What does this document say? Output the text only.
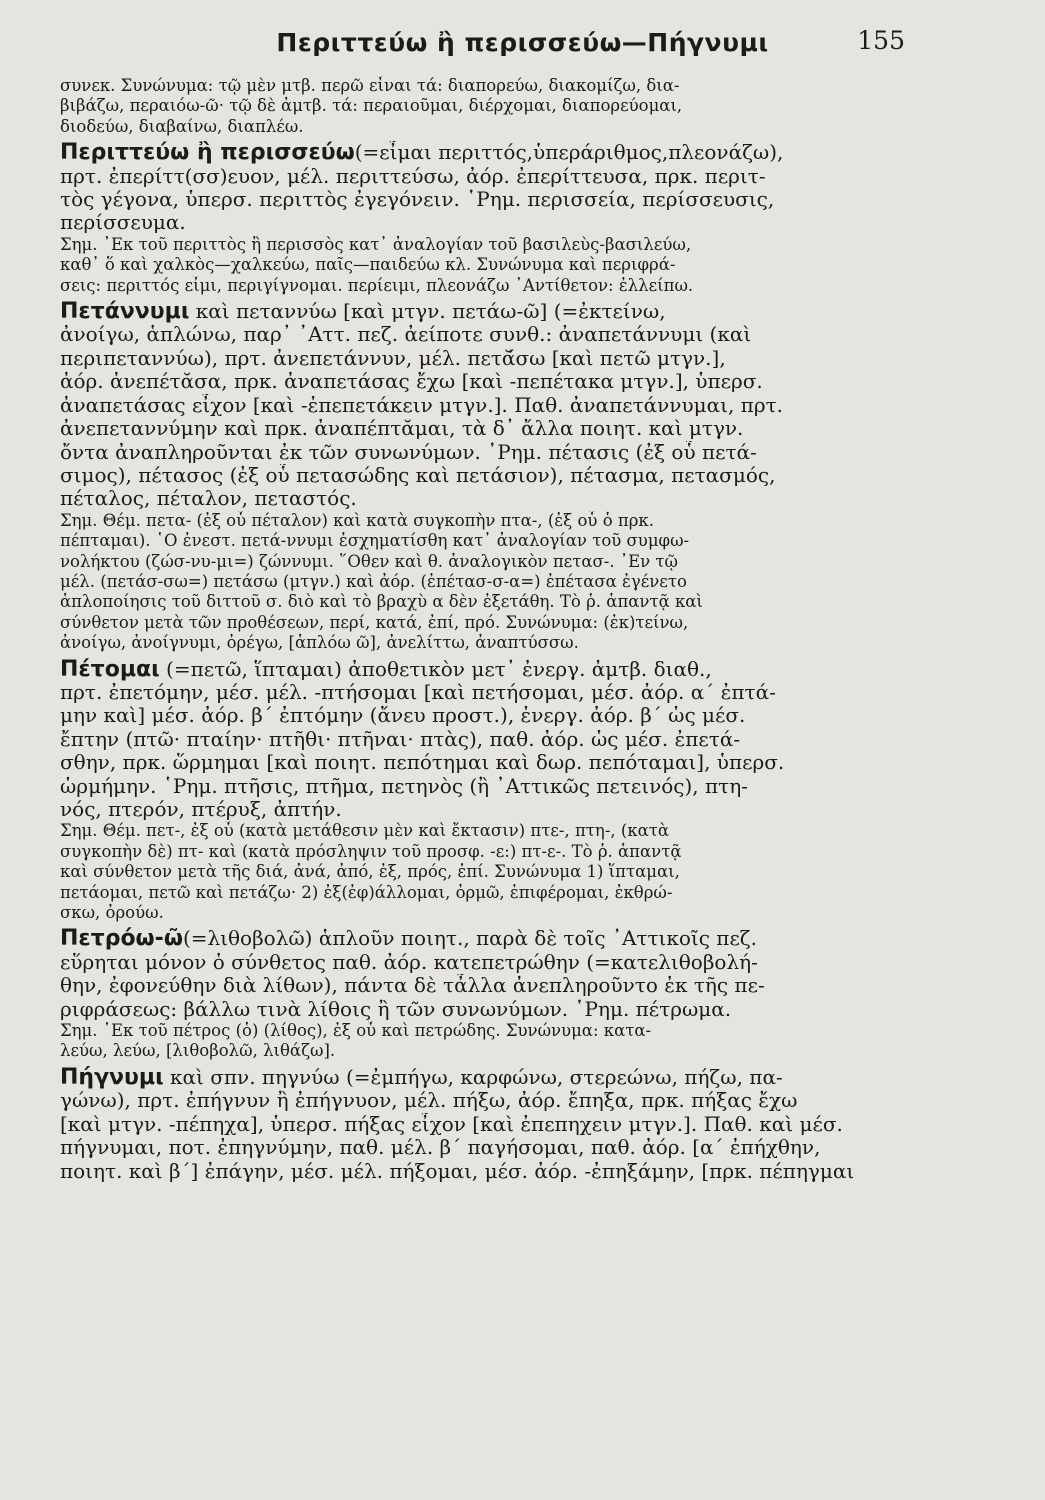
Περιττεύω ἢ περισσεύω—Πήγνυμι	155
συνεκ. Συνώνυμα: τῷ μὲν μτβ. περῶ εἶναι τά: διαπορεύω, διακομίζω, δια-
βιβάζω, περαιόω-ῶ· τῷ δὲ ἀμτβ. τά: περαιοῦμαι, διέρχομαι, διαπορεύομαι,
διοδεύω, διαβαίνω, διαπλέω.
Περιττεύω ἢ περισσεύω(=εἶμαι περιττός,ὑπεράριθμος,πλεονάζω),
πρτ. ἐπερίττ(σσ)ευον, μέλ. περιττεύσω, ἀόρ. ἐπερίττευσα, πρκ. περιτ-
τὸς γέγονα, ὑπερσ. περιττὸς ἐγεγόνειν. ῾Ρημ. περισσεία, περίσσευσις,
περίσσευμα.
Σημ. ᾿Εκ τοῦ περιττὸς ἢ περισσὸς κατ᾿ ἀναλογίαν τοῦ βασιλεὺς-βασιλεύω,
καθ᾿ ὅ καὶ χαλκὸς—χαλκεύω, παῖς—παιδεύω κλ. Συνώνυμα καὶ περιφρά-
σεις: περιττός εἶμι, περιγίγνομαι. περίειμι, πλεονάζω ᾿Αντίθετον: ἐλλείπω.
Πετάννυμι καὶ πεταννύω [καὶ μτγν. πετάω-ῶ] (=ἐκτείνω,
ἀνοίγω, ἁπλώνω, παρ᾿ ᾿Αττ. πεζ. ἀείποτε συνθ.: ἀναπετάννυμι (καὶ
περιπεταννύω), πρτ. ἀνεπετάννυν, μέλ. πετᾰ́σω [καὶ πετῶ μτγν.],
ἀόρ. ἀνεπέτᾰσα, πρκ. ἀναπετάσας ἔχω [καὶ -πεπέτακα μτγν.], ὑπερσ.
ἀναπετάσας εἶχον [καὶ -ἐπεπετάκειν μτγν.]. Παθ. ἀναπετάννυμαι, πρτ.
ἀνεπεταννύμην καὶ πρκ. ἀναπέπτᾰμαι, τὰ δ᾿ ἄλλα ποιητ. καὶ μτγν.
ὄντα ἀναπληροῦνται ἐκ τῶν συνωνύμων. ῾Ρημ. πέτασις (ἐξ οὗ πετά-
σιμος), πέτασος (ἐξ οὗ πετασώδης καὶ πετάσιον), πέτασμα, πετασμός,
πέταλος, πέταλον, πεταστός.
Σημ. Θέμ. πετα- (ἐξ οὗ πέταλον) καὶ κατὰ συγκοπὴν πτα-, (ἐξ οὗ ὁ πρκ.
πέπταμαι). ῾Ο ἐνεστ. πετά-ννυμι ἐσχηματίσθη κατ᾿ ἀναλογίαν τοῦ συμφω-
νολήκτου (ζώσ-νυ-μι=) ζώννυμι. ῞Οθεν καὶ θ. ἀναλογικὸν πετασ-. ᾿Εν τῷ
μέλ. (πετάσ-σω=) πετάσω (μτγν.) καὶ ἀόρ. (ἐπέτασ-σ-α=) ἐπέτασα ἐγένετο
ἁπλοποίησις τοῦ διττοῦ σ. διὸ καὶ τὸ βραχὺ α δὲν ἐξετάθη. Τὸ ῥ. ἁπαντᾷ καὶ
σύνθετον μετὰ τῶν προθέσεων, περί, κατά, ἐπί, πρό. Συνώνυμα: (ἐκ)τείνω,
ἀνοίγω, ἀνοίγνυμι, ὀρέγω, [ἁπλόω ῶ], ἀνελίττω, ἀναπτύσσω.
Πέτομαι (=πετῶ, ἵπταμαι) ἀποθετικὸν μετ᾿ ἐνεργ. ἀμτβ. διαθ.,
πρτ. ἐπετόμην, μέσ. μέλ. -πτήσομαι [καὶ πετήσομαι, μέσ. ἀόρ. α´ ἐπτά-
μην καὶ] μέσ. ἀόρ. β´ ἐπτόμην (ἄνευ προστ.), ἐνεργ. ἀόρ. β´ ὡς μέσ.
ἔπτην (πτῶ· πταίην· πτῆθι· πτῆναι· πτὰς), παθ. ἀόρ. ὡς μέσ. ἐπετά-
σθην, πρκ. ὥρμημαι [καὶ ποιητ. πεπότημαι καὶ δωρ. πεπόταμαι], ὑπερσ.
ὡρμήμην. ῾Ρημ. πτῆσις, πτῆμα, πετηνὸς (ἢ ᾿Αττικῶς πετεινός), πτη-
νός, πτερόν, πτέρυξ, ἀπτήν.
Σημ. Θέμ. πετ-, ἐξ οὗ (κατὰ μετάθεσιν μὲν καὶ ἔκτασιν) πτε-, πτη-, (κατὰ
συγκοπὴν δὲ) πτ- καὶ (κατὰ πρόσληψιν τοῦ προσφ. -ε:) πτ-ε-. Τὸ ῥ. ἁπαντᾷ
καὶ σύνθετον μετὰ τῆς διά, ἀνά, ἀπό, ἐξ, πρός, ἐπί. Συνώνυμα 1) ἵπταμαι,
πετάομαι, πετῶ καὶ πετάζω· 2) ἐξ(ἐφ)άλλομαι, ὁρμῶ, ἐπιφέρομαι, ἐκθρώ-
σκω, ὀρούω.
Πετρόω-ῶ(=λιθοβολῶ) ἁπλοῦν ποιητ., παρὰ δὲ τοῖς ᾿Αττικοῖς πεζ.
εὕρηται μόνον ὁ σύνθετος παθ. ἀόρ. κατεπετρώθην (=κατελιθοβολή-
θην, ἐφονεύθην διὰ λίθων), πάντα δὲ τἆλλα ἀνεπληροῦντο ἐκ τῆς πε-
ριφράσεως: βάλλω τινὰ λίθοις ἢ τῶν συνωνύμων. ῾Ρημ. πέτρωμα.
Σημ. ᾿Εκ τοῦ πέτρος (ὁ) (λίθος), ἐξ οὗ καὶ πετρώδης. Συνώνυμα: κατα-
λεύω, λεύω, [λιθοβολῶ, λιθάζω].
Πήγνυμι καὶ σπν. πηγνύω (=ἐμπήγω, καρφώνω, στερεώνω, πήζω, πα-
γώνω), πρτ. ἐπήγνυν ἢ ἐπήγνυον, μέλ. πήξω, ἀόρ. ἔπηξα, πρκ. πήξας ἔχω
[καὶ μτγν. -πέπηχα], ὑπερσ. πήξας εἶχον [καὶ ἐπεπηχειν μτγν.]. Παθ. καὶ μέσ.
πήγνυμαι, ποτ. ἐπηγνύμην, παθ. μέλ. β´ παγήσομαι, παθ. ἀόρ. [α´ ἐπήχθην,
ποιητ. καὶ β´] ἐπάγην, μέσ. μέλ. πήξομαι, μέσ. ἀόρ. -ἐπηξάμην, [πρκ. πέπηγμαι
